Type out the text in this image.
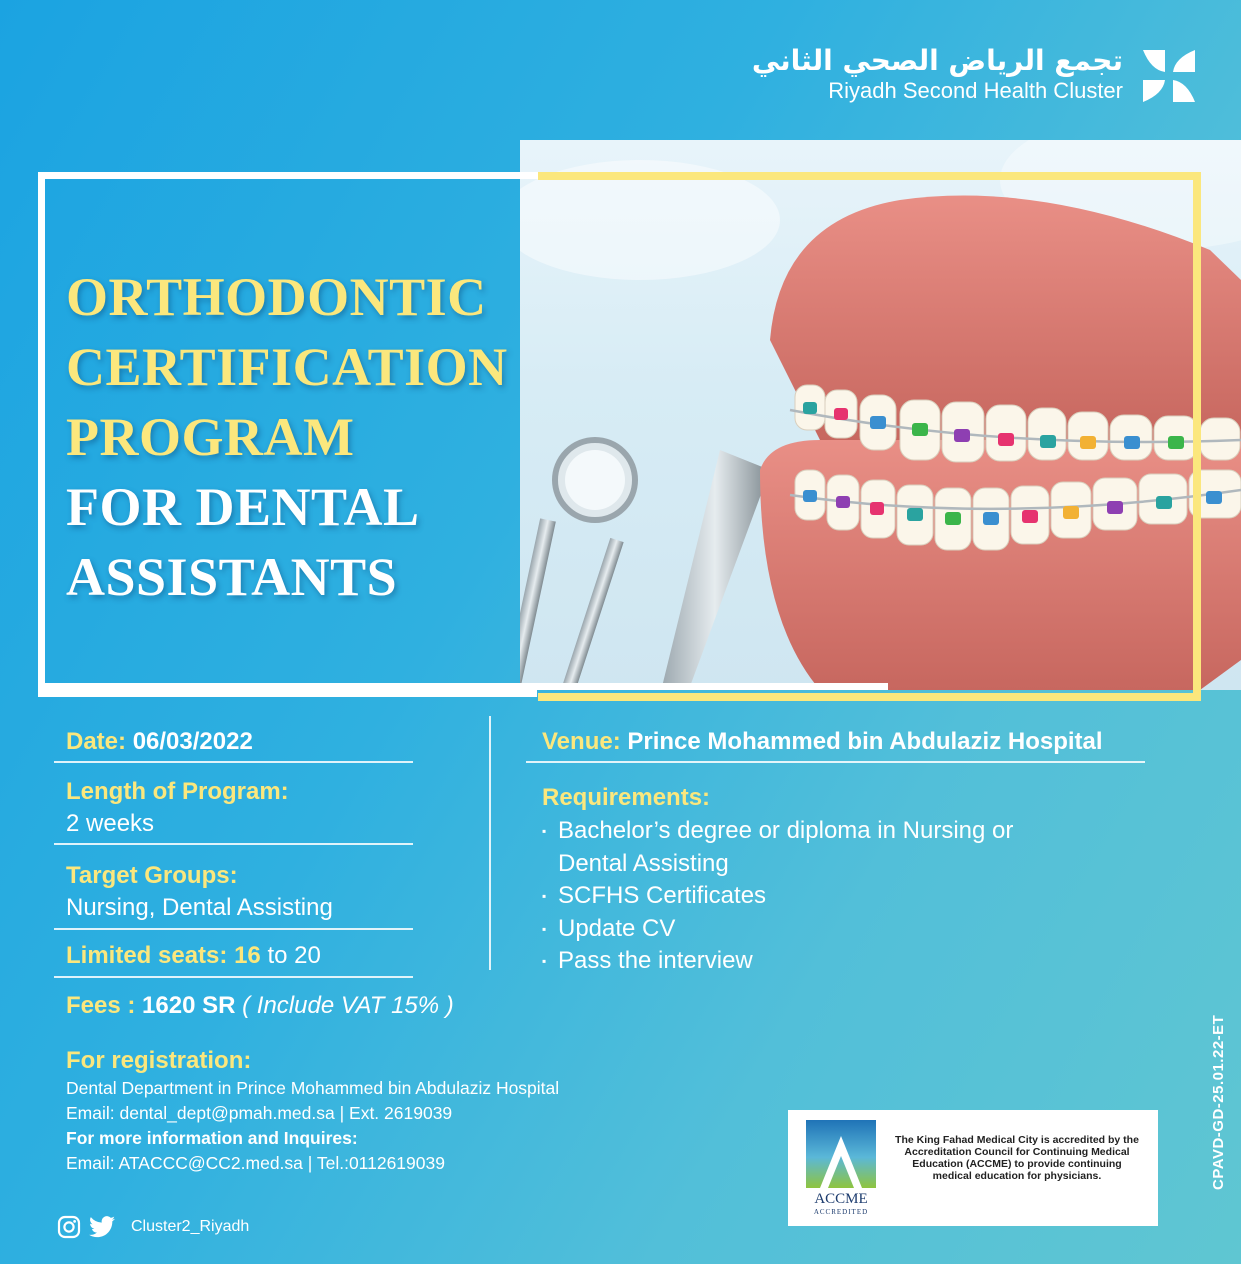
تجمع الرياض الصحي الثاني
Riyadh Second Health Cluster
ORTHODONTIC
CERTIFICATION
PROGRAM
FOR DENTAL
ASSISTANTS
Date: 06/03/2022
Length of Program:
2 weeks
Target Groups:
Nursing, Dental Assisting
Limited seats: 16 to 20
Fees : 1620 SR ( Include VAT 15% )
Venue: Prince Mohammed bin Abdulaziz Hospital
Requirements:
▪ Bachelor’s degree or diploma in Nursing or
Dental Assisting
▪ SCFHS Certificates
▪ Update CV
▪ Pass the interview
For registration:
Dental Department in Prince Mohammed bin Abdulaziz Hospital
Email: dental_dept@pmah.med.sa | Ext. 2619039
For more information and Inquires:
Email: ATACCC@CC2.med.sa | Tel.:0112619039
Cluster2_Riyadh
ACCME
ACCREDITED
The King Fahad Medical City is accredited by the Accreditation Council for Continuing Medical Education (ACCME) to provide continuing medical education for physicians.	CPAVD-GD-25.01.22-ET
